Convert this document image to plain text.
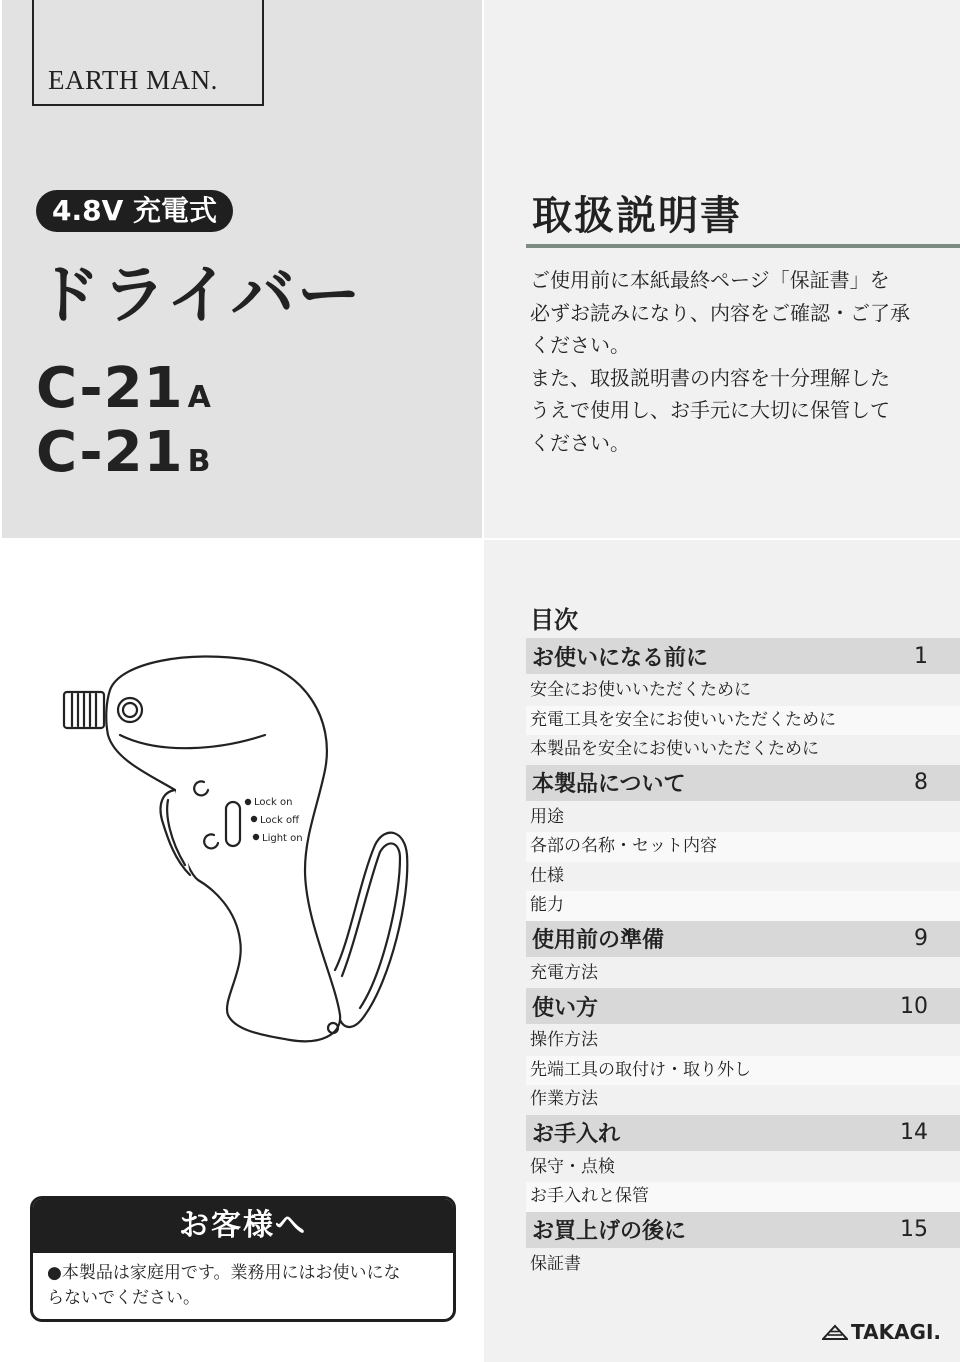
EARTH MAN.
4.8V 充電式
ドライバー
C-21 A
C-21 B
取扱説明書

ご使用前に本紙最終ページ「保証書」を

必ずお読みになり、内容をご確認・ご了承

ください。

また、取扱説明書の内容を十分理解した

うえで使用し、お手元に大切に保管して

ください。

Lock on
Lock off
Light on
目次
お使いになる前に	1
安全にお使いいただくために
充電工具を安全にお使いいただくために
本製品を安全にお使いいただくために
本製品について	8
用途
各部の名称・セット内容
仕様
能力
使用前の準備	9
充電方法
使い方	10
操作方法
先端工具の取付け・取り外し
作業方法
お手入れ	14
保守・点検
お手入れと保管
お買上げの後に	15
保証書
お客様へ
●本製品は家庭用です。業務用にはお使いにな
らないでください。
TAKAGI.
